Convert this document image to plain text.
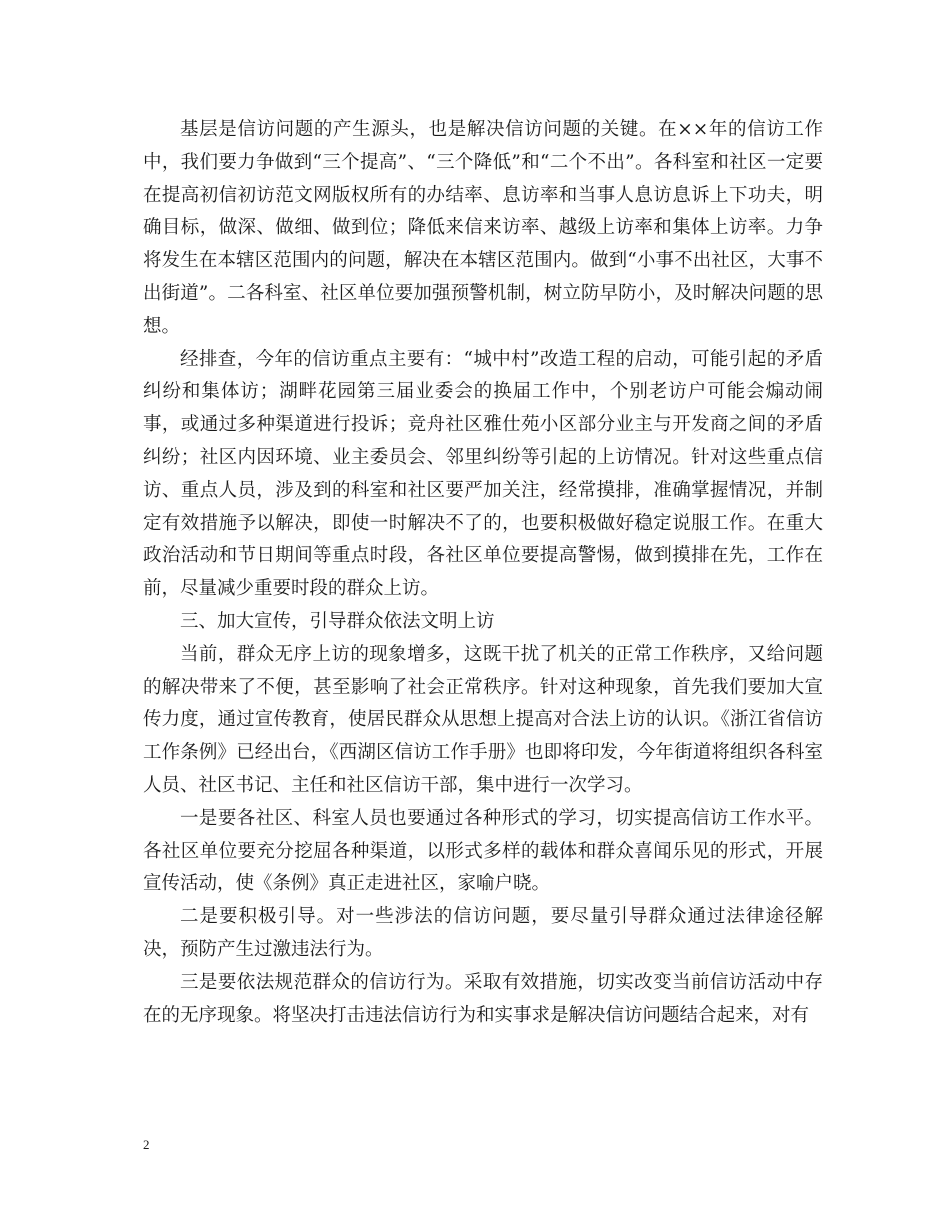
基层是信访问题的产生源头，也是解决信访问题的关键。在××年的信访工作中，我们要力争做到“三个提高”、“三个降低”和“二个不出”。各科室和社区一定要在提高初信初访范文网版权所有的办结率、息访率和当事人息访息诉上下功夫，明确目标，做深、做细、做到位；降低来信来访率、越级上访率和集体上访率。力争将发生在本辖区范围内的问题，解决在本辖区范围内。做到“小事不出社区，大事不出街道”。二各科室、社区单位要加强预警机制，树立防早防小，及时解决问题的思想。

经排查，今年的信访重点主要有：“城中村”改造工程的启动，可能引起的矛盾纠纷和集体访；湖畔花园第三届业委会的换届工作中，个别老访户可能会煽动闹事，或通过多种渠道进行投诉；竞舟社区雅仕苑小区部分业主与开发商之间的矛盾纠纷；社区内因环境、业主委员会、邻里纠纷等引起的上访情况。针对这些重点信访、重点人员，涉及到的科室和社区要严加关注，经常摸排，准确掌握情况，并制定有效措施予以解决，即使一时解决不了的，也要积极做好稳定说服工作。在重大政治活动和节日期间等重点时段，各社区单位要提高警惕，做到摸排在先，工作在前，尽量减少重要时段的群众上访。

三、加大宣传，引导群众依法文明上访

当前，群众无序上访的现象增多，这既干扰了机关的正常工作秩序，又给问题的解决带来了不便，甚至影响了社会正常秩序。针对这种现象，首先我们要加大宣传力度，通过宣传教育，使居民群众从思想上提高对合法上访的认识。《浙江省信访工作条例》已经出台，《西湖区信访工作手册》也即将印发，今年街道将组织各科室人员、社区书记、主任和社区信访干部，集中进行一次学习。

一是要各社区、科室人员也要通过各种形式的学习，切实提高信访工作水平。各社区单位要充分挖屈各种渠道，以形式多样的载体和群众喜闻乐见的形式，开展宣传活动，使《条例》真正走进社区，家喻户晓。

二是要积极引导。对一些涉法的信访问题，要尽量引导群众通过法律途径解决，预防产生过激违法行为。

三是要依法规范群众的信访行为。采取有效措施，切实改变当前信访活动中存在的无序现象。将坚决打击违法信访行为和实事求是解决信访问题结合起来，对有

2
